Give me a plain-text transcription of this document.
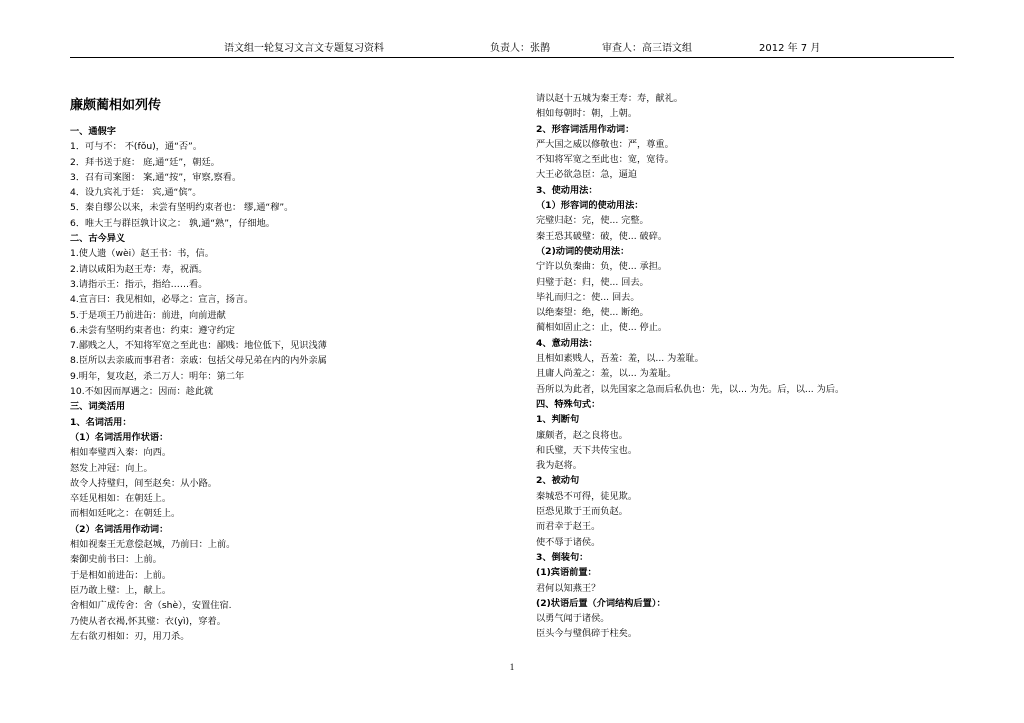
语文组一轮复习文言文专题复习资料	负责人：张鹊	审查人：高三语文组	2012 年 7 月
廉颇蔺相如列传
一、通假字
1．可与不： 不(fǒu)，通“否”。
2．拜书送于庭： 庭,通“廷”，朝廷。
3．召有司案图： 案,通“按”，审察,察看。
4．设九宾礼于廷： 宾,通“傧”。
5．秦自缪公以来，未尝有坚明约束者也： 缪,通“穆”。
6．唯大王与群臣孰计议之： 孰,通“熟”，仔细地。
二、古今异义
1.使人遗（wèi）赵王书：书，信。
2.请以咸阳为赵王寿：寿，祝酒。
3.请指示王：指示，指给……看。
4.宣言曰：我见相如，必辱之：宣言，扬言。
5.于是项王乃前进缶：前进，向前进献
6.未尝有坚明约束者也：约束：遵守约定
7.鄙贱之人，不知将军宽之至此也：鄙贱：地位低下，见识浅薄
8.臣所以去亲戚而事君者：亲戚：包括父母兄弟在内的内外亲属
9.明年，复攻赵，杀二万人：明年：第二年
10.不如因而厚遇之：因而：趁此就
三、词类活用
1、名词活用：
（1）名词活用作状语：
相如奉璧西入秦：向西。
怒发上冲冠：向上。
故令人持璧归，间至赵矣：从小路。
卒廷见相如：在朝廷上。
而相如廷叱之：在朝廷上。
（2）名词活用作动词：
相如视秦王无意偿赵城，乃前曰：上前。
秦御史前书曰：上前。
于是相如前进缶：上前。
臣乃敢上璧：上，献上。
舍相如广成传舍：舍（shè），安置住宿.
乃使从者衣褐,怀其璧：衣(yì)，穿着。
左右欲刃相如：刃，用刀杀。
请以赵十五城为秦王寿：寿，献礼。
相如每朝时：朝，上朝。
2、形容词活用作动词：
严大国之威以修敬也：严，尊重。
不知将军宽之至此也：宽，宽待。
大王必欲急臣：急，逼迫
3、使动用法：
（1）形容词的使动用法：
完璧归赵：完，使... 完整。
秦王恐其破璧：破，使... 破碎。
（2)动词的使动用法：
宁许以负秦曲：负，使... 承担。
归璧于赵：归，使... 回去。
毕礼而归之：使... 回去。
以绝秦望：绝，使... 断绝。
蔺相如固止之：止，使... 停止。
4、意动用法：
且相如素贱人，吾羞：羞，以... 为羞耻。
且庸人尚羞之：羞，以... 为羞耻。
吾所以为此者，以先国家之急而后私仇也：先，以... 为先。后，以... 为后。
四、特殊句式：
1、判断句
廉颇者，赵之良将也。
和氏璧，天下共传宝也。
我为赵将。
2、被动句
秦城恐不可得，徒见欺。
臣恐见欺于王而负赵。
而君幸于赵王。
使不辱于诸侯。
3、倒装句：
(1)宾语前置：
君何以知燕王？
(2)状语后置（介词结构后置）：
以勇气闻于诸侯。
臣头今与璧俱碎于柱矣。
1
